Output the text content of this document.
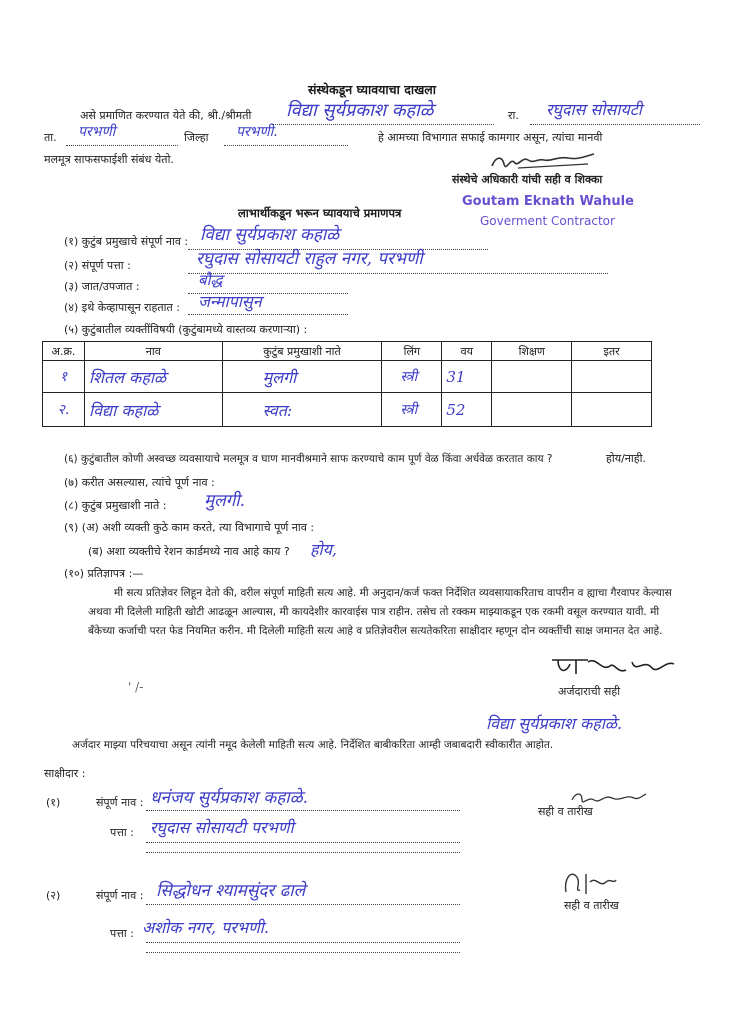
संस्थेकडून घ्यावयाचा दाखला
असे प्रमाणित करण्यात येते की, श्री./श्रीमती विद्या सुर्यप्रकाश कहाळे	रा. रघुदास सोसायटी
ता. परभणी	जिल्हा परभणी.	हे आमच्या विभागात सफाई कामगार असून, त्यांचा मानवी
मलमूत्र साफसफाईशी संबंध येतो.
संस्थेचे अधिकारी यांची सही व शिक्का
Goutam Eknath Wahule
Goverment Contractor
लाभार्थीकडून भरून घ्यावयाचे प्रमाणपत्र
(१) कुटुंब प्रमुखाचे संपूर्ण नाव : विद्या सुर्यप्रकाश कहाळे
(२) संपूर्ण पत्ता :	रघुदास सोसायटी राहुल नगर, परभणी
(३) जात/उपजात :	बौद्ध
(४) इथे केव्हापासून राहतात : जन्मापासुन
(५) कुटुंबातील व्यक्तींविषयी (कुटुंबामध्ये वास्तव्य करणाऱ्या) :
अ.क्र.	नाव	कुटुंब प्रमुखाशी नाते	लिंग	वय	शिक्षण	इतर
१	शितल कहाळे	मुलगी	स्त्री	31		
२.	विद्या कहाळे	स्वत:	स्त्री	52		
(६) कुटुंबातील कोणी अस्वच्छ व्यवसायाचे मलमूत्र व घाण मानवीश्रमाने साफ करण्याचे काम पूर्ण वेळ किंवा अर्धवेळ करतात काय ?	होय/नाही.
(७) करीत असल्यास, त्यांचे पूर्ण नाव :
(८) कुटुंब प्रमुखाशी नाते : मुलगी.
(९) (अ) अशी व्यक्ती कुठे काम करते, त्या विभागाचे पूर्ण नाव :
(ब) अशा व्यक्तीचे रेशन कार्डमध्ये नाव आहे काय ? होय,
(१०) प्रतिज्ञापत्र :—
मी सत्य प्रतिज्ञेवर लिहून देतो की, वरील संपूर्ण माहिती सत्य आहे. मी अनुदान/कर्ज फक्त निर्देशित व्यवसायाकरिताच वापरीन व ह्याचा गैरवापर केल्यास अथवा मी दिलेली माहिती खोटी आढळून आल्यास, मी कायदेशीर कारवाईस पात्र राहीन. तसेच तो रक्कम माझ्याकडून एक रकमी वसूल करण्यात यावी. मी बँकेच्या कर्जाची परत फेड नियमित करीन. मी दिलेली माहिती सत्य आहे व प्रतिज्ञेवरील सत्यतेकरिता साक्षीदार म्हणून दोन व्यक्तींची साक्ष जमानत देत आहे.
अर्जदाराची सही
' /-
विद्या सुर्यप्रकाश कहाळे.
अर्जदार माझ्या परिचयाचा असून त्यांनी नमूद केलेली माहिती सत्य आहे. निर्देशित बाबीकरिता आम्ही जबाबदारी स्वीकारीत आहोत.
साक्षीदार :
(१)	संपूर्ण नाव : धनंजय सुर्यप्रकाश कहाळे.
पत्ता : रघुदास सोसायटी परभणी
सही व तारीख
(२)	संपूर्ण नाव : सिद्धोधन श्यामसुंदर ढाले
पत्ता : अशोक नगर, परभणी.
सही व तारीख
